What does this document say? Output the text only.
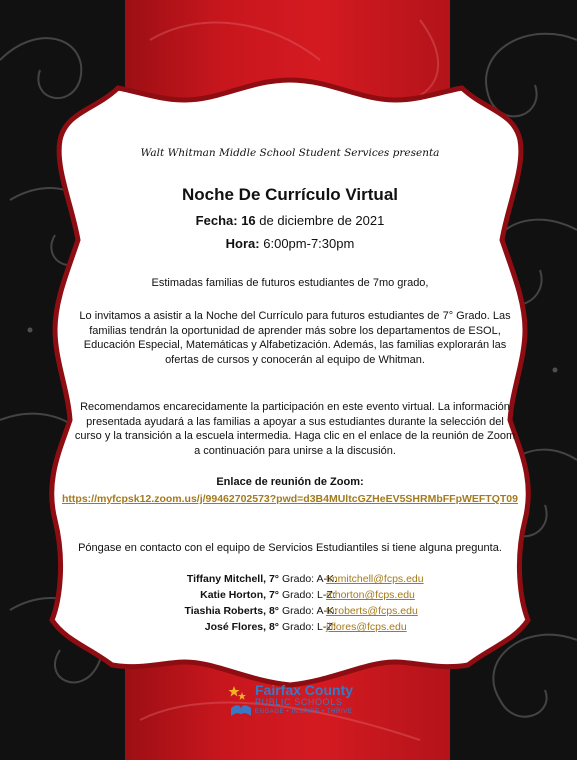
Walt Whitman Middle School Student Services presenta
Noche De Currículo Virtual
Fecha: 16 de diciembre de 2021
Hora: 6:00pm-7:30pm
Estimadas familias de futuros estudiantes de 7mo grado,
Lo invitamos a asistir a la Noche del Currículo para futuros estudiantes de 7° Grado. Las familias tendrán la oportunidad de aprender más sobre los departamentos de ESOL, Educación Especial, Matemáticas y Alfabetización. Además, las familias explorarán las ofertas de cursos y conocerán al equipo de Whitman.
Recomendamos encarecidamente la participación en este evento virtual. La información presentada ayudará a las familias a apoyar a sus estudiantes durante la selección del curso y la transición a la escuela intermedia. Haga clic en el enlace de la reunión de Zoom a continuación para unirse a la discusión.
Enlace de reunión de Zoom:
https://myfcpsk12.zoom.us/j/99462702573?pwd=d3B4MUltcGZHeEV5SHRMbFFpWEFTQT09
Póngase en contacto con el equipo de Servicios Estudiantiles si tiene alguna pregunta.
Tiffany Mitchell, 7° Grado: A-K:
tmmitchell@fcps.edu
Katie Horton, 7° Grado: L-Z:
mhorton@fcps.edu
Tiashia Roberts, 8° Grado: A-K:
tnroberts@fcps.edu
José Flores, 8° Grado: L-Z:
jlflores@fcps.edu
Fairfax County
PUBLIC SCHOOLS
ENGAGE • INSPIRE • THRIVE
